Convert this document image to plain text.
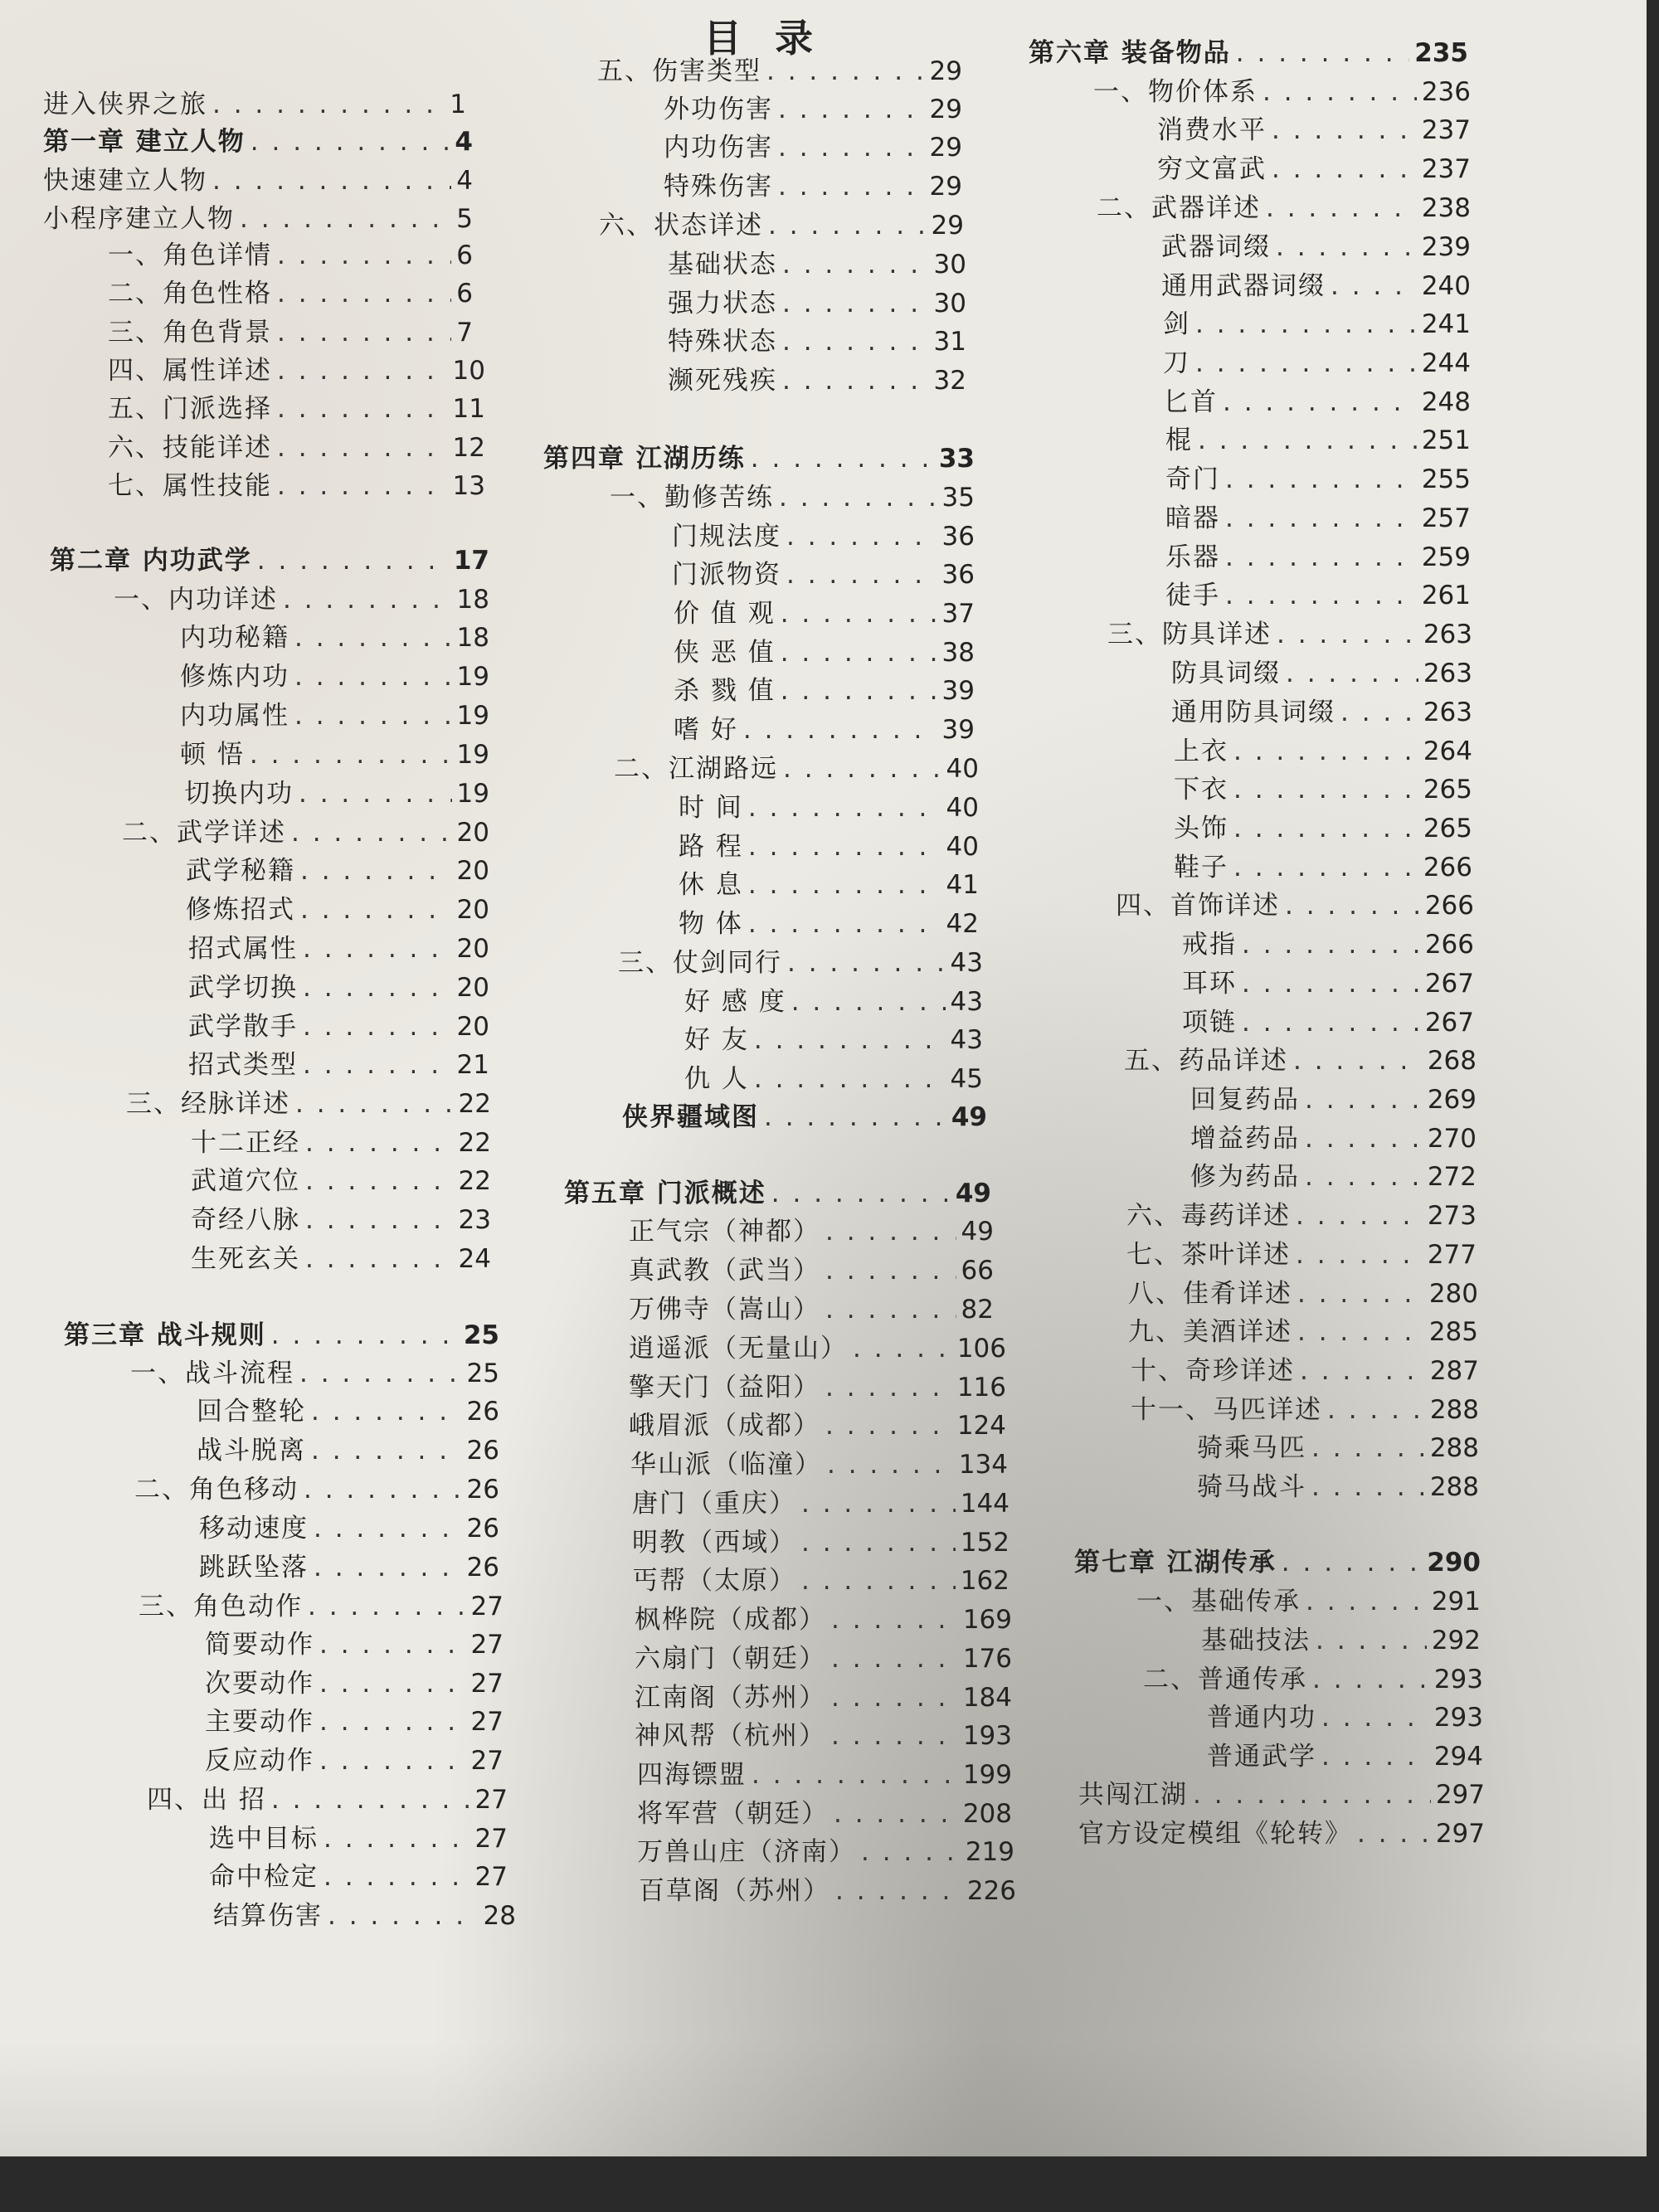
目 录
进入侠界之旅 . . .	1
第一章 建立人物 . . .	4
快速建立人物 . . .	4
小程序建立人物 . . .	5
一、角色详情 . . .	6
二、角色性格 . . .	6
三、角色背景 . . .	7
四、属性详述 . . .	10
五、门派选择 . . .	11
六、技能详述 . . .	12
七、属性技能 . . .	13
第二章 内功武学 . . .	17
一、内功详述 . . .	18
内功秘籍 . . .	18
修炼内功 . . .	19
内功属性 . . .	19
顿 悟 . . .	19
切换内功 . . .	19
二、武学详述 . . .	20
武学秘籍 . . .	20
修炼招式 . . .	20
招式属性 . . .	20
武学切换 . . .	20
武学散手 . . .	20
招式类型 . . .	21
三、经脉详述 . . .	22
十二正经 . . .	22
武道穴位 . . .	22
奇经八脉 . . .	23
生死玄关 . . .	24
第三章 战斗规则 . . .	25
一、战斗流程 . . .	25
回合整轮 . . .	26
战斗脱离 . . .	26
二、角色移动 . . .	26
移动速度 . . .	26
跳跃坠落 . . .	26
三、角色动作 . . .	27
简要动作 . . .	27
次要动作 . . .	27
主要动作 . . .	27
反应动作 . . .	27
四、出 招 . . .	27
选中目标 . . .	27
命中检定 . . .	27
结算伤害 . . .	28
五、伤害类型 . . .	29
外功伤害 . . .	29
内功伤害 . . .	29
特殊伤害 . . .	29
六、状态详述 . . .	29
基础状态 . . .	30
强力状态 . . .	30
特殊状态 . . .	31
濒死残疾 . . .	32
第四章 江湖历练 . . .	33
一、勤修苦练 . . .	35
门规法度 . . .	36
门派物资 . . .	36
价 值 观 . . .	37
侠 恶 值 . . .	38
杀 戮 值 . . .	39
嗜 好 . . .	39
二、江湖路远 . . .	40
时 间 . . .	40
路 程 . . .	40
休 息 . . .	41
物 体 . . .	42
三、仗剑同行 . . .	43
好 感 度 . . .	43
好 友 . . .	43
仇 人 . . .	45
侠界疆域图 . . .	49
第五章 门派概述 . . .	49
正气宗（神都） . . .	49
真武教（武当） . . .	66
万佛寺（嵩山） . . .	82
逍遥派（无量山） . . .	106
擎天门（益阳） . . .	116
峨眉派（成都） . . .	124
华山派（临潼） . . .	134
唐门（重庆） . . .	144
明教（西域） . . .	152
丐帮（太原） . . .	162
枫桦院（成都） . . .	169
六扇门（朝廷） . . .	176
江南阁（苏州） . . .	184
神风帮（杭州） . . .	193
四海镖盟 . . .	199
将军营（朝廷） . . .	208
万兽山庄（济南） . . .	219
百草阁（苏州） . . .	226
第六章 装备物品 . . .	235
一、物价体系 . . .	236
消费水平 . . .	237
穷文富武 . . .	237
二、武器详述 . . .	238
武器词缀 . . .	239
通用武器词缀 . . .	240
剑 . . .	241
刀 . . .	244
匕首 . . .	248
棍 . . .	251
奇门 . . .	255
暗器 . . .	257
乐器 . . .	259
徒手 . . .	261
三、防具详述 . . .	263
防具词缀 . . .	263
通用防具词缀 . . .	263
上衣 . . .	264
下衣 . . .	265
头饰 . . .	265
鞋子 . . .	266
四、首饰详述 . . .	266
戒指 . . .	266
耳环 . . .	267
项链 . . .	267
五、药品详述 . . .	268
回复药品 . . .	269
增益药品 . . .	270
修为药品 . . .	272
六、毒药详述 . . .	273
七、茶叶详述 . . .	277
八、佳肴详述 . . .	280
九、美酒详述 . . .	285
十、奇珍详述 . . .	287
十一、马匹详述 . . .	288
骑乘马匹 . . .	288
骑马战斗 . . .	288
第七章 江湖传承 . . .	290
一、基础传承 . . .	291
基础技法 . . .	292
二、普通传承 . . .	293
普通内功 . . .	293
普通武学 . . .	294
共闯江湖 . . .	297
官方设定模组《轮转》 . . .	297
